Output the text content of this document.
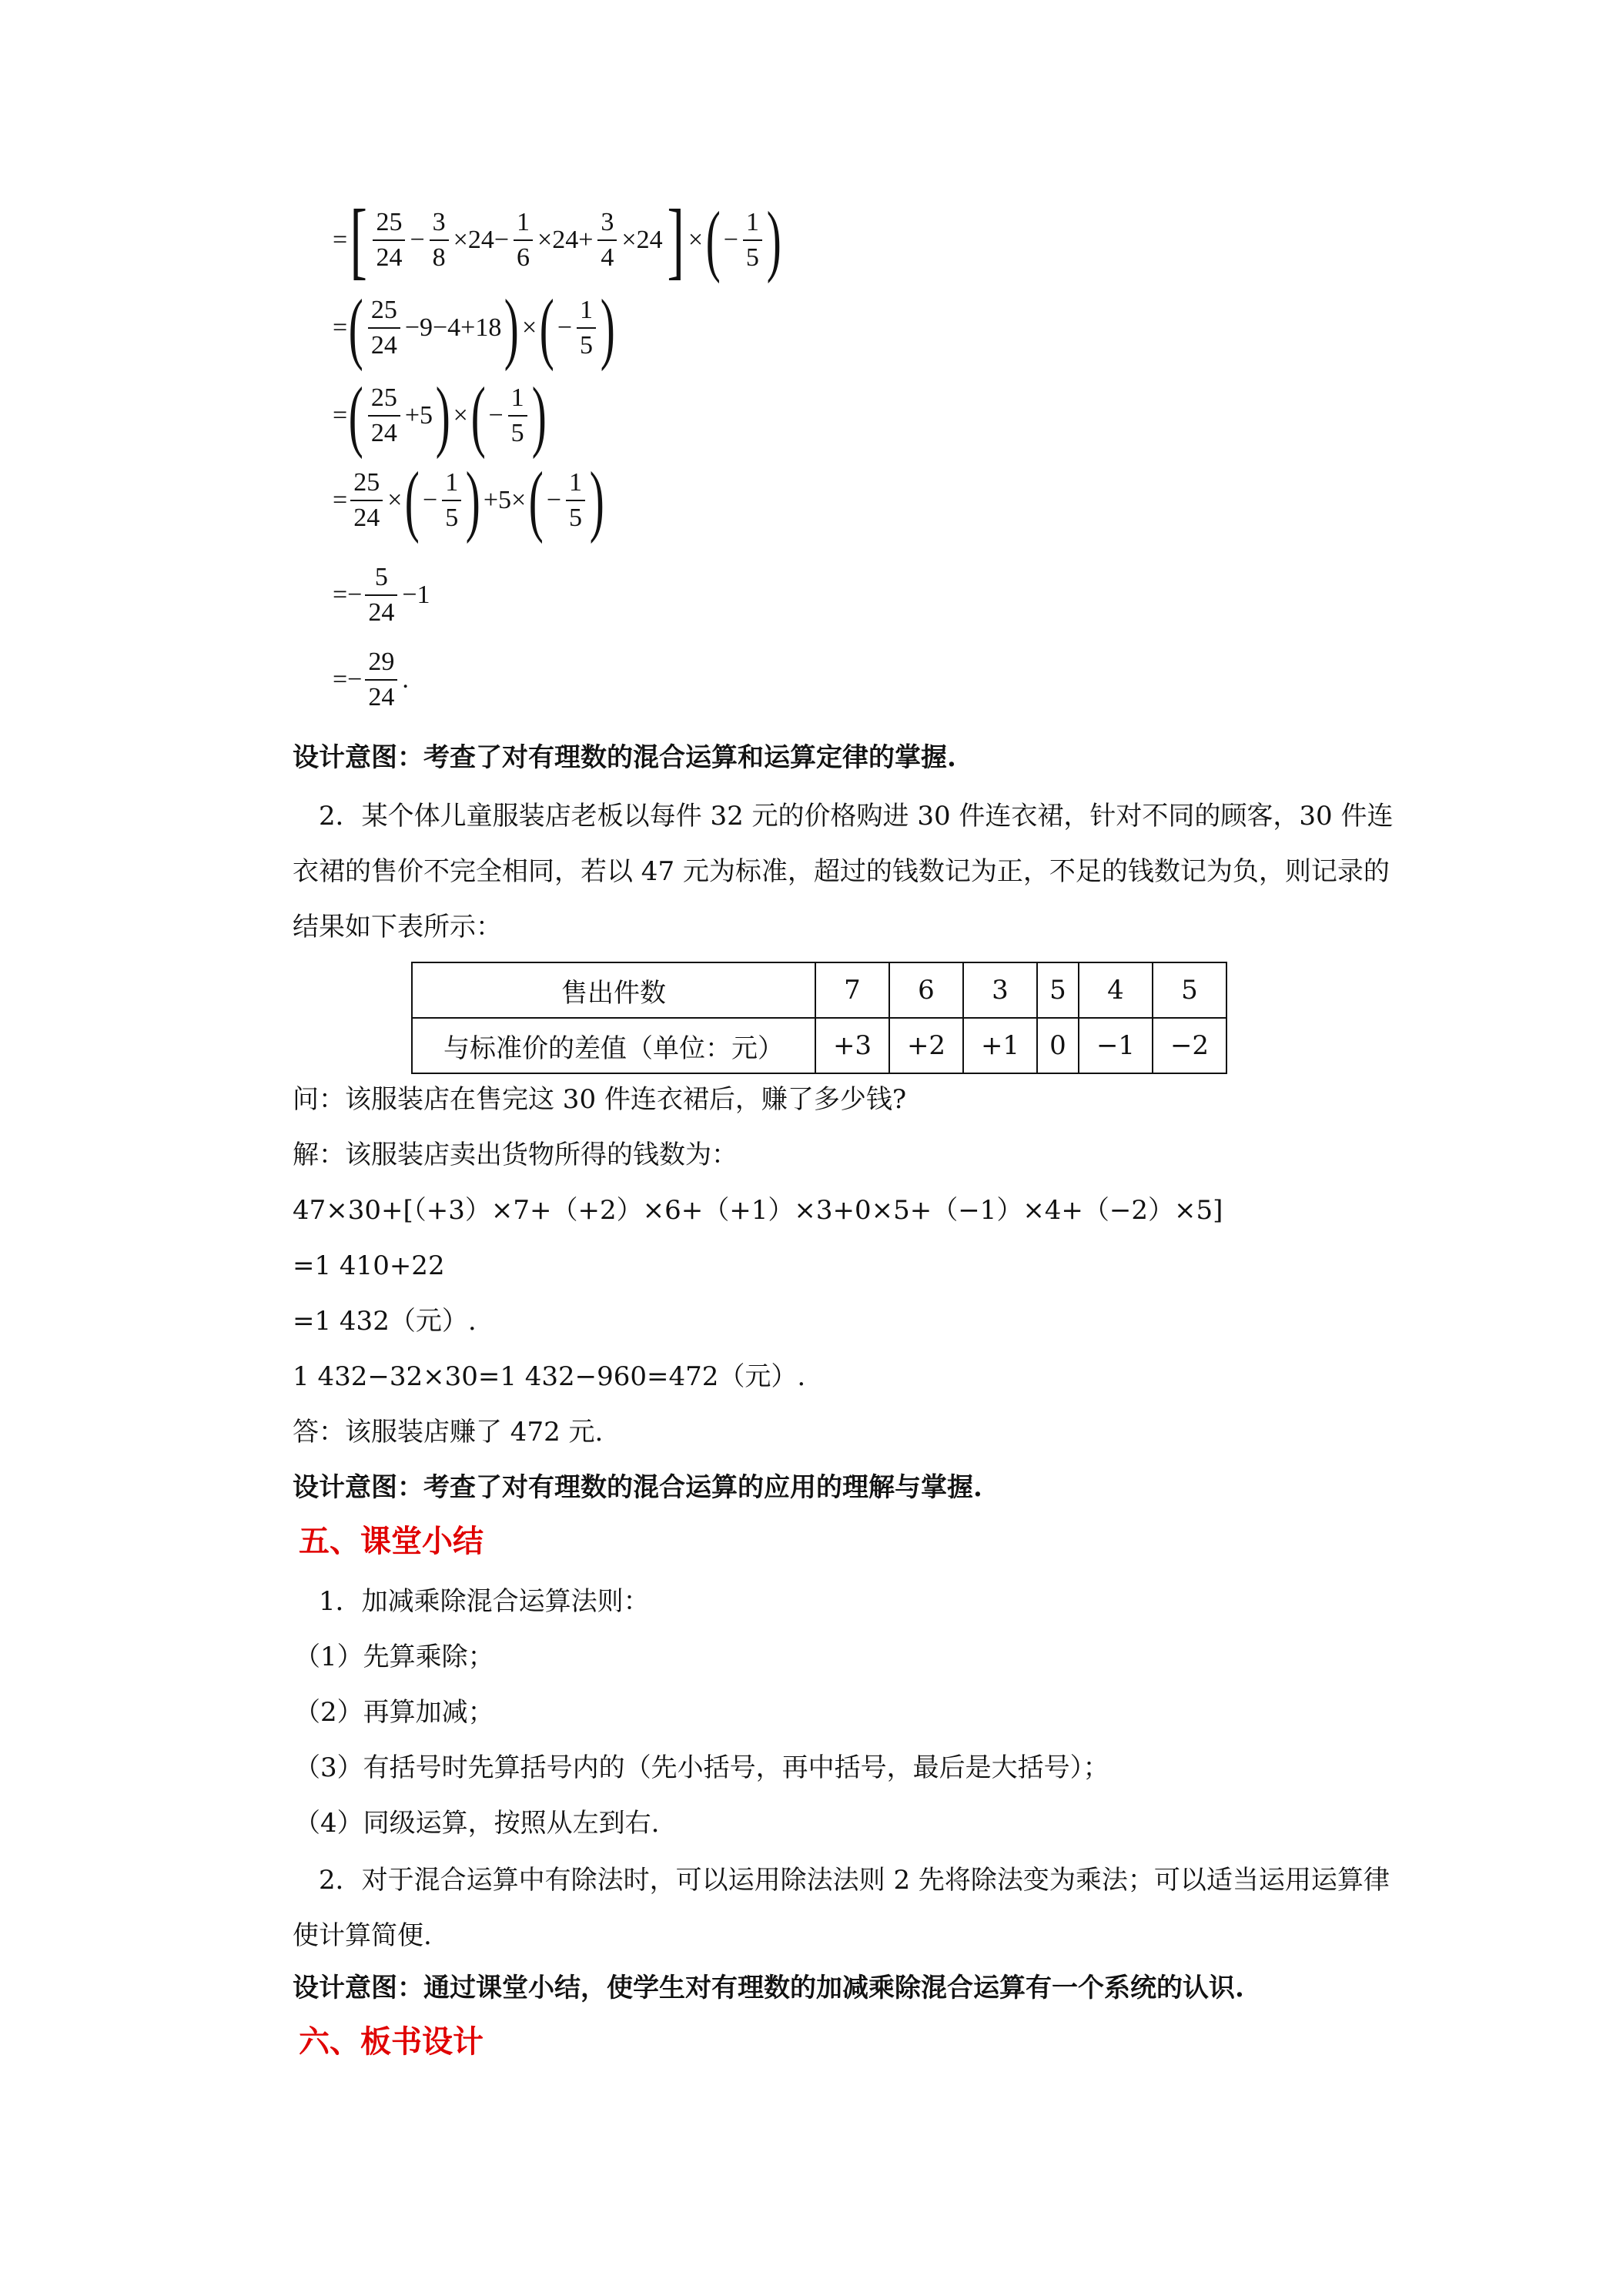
= [ $\frac{25}{24} - \frac{3}{8} \times 24- \frac{1}{6} \times 24+ \frac{3}{4} \times 24$ ] × ( − $\frac{1}{5}$ )
= ( $\frac{25}{24} -9-4+18$ ) × ( − $\frac{1}{5}$ )
= ( $\frac{25}{24} +5$ ) × ( − $\frac{1}{5}$ )
= $\frac{25}{24}$ × ( − $\frac{1}{5}$ ) +5× ( − $\frac{1}{5}$ )
=− $\frac{5}{24} -1$
=− $\frac{29}{24}$ .
设计意图：考查了对有理数的混合运算和运算定律的掌握.
2．某个体儿童服装店老板以每件 32 元的价格购进 30 件连衣裙，针对不同的顾客，30 件连衣裙的售价不完全相同，若以 47 元为标准，超过的钱数记为正，不足的钱数记为负，则记录的结果如下表所示：
售出件数	7	6	3	5	4	5
与标准价的差值（单位：元）	+3	+2	+1	0	−1	−2
问：该服装店在售完这 30 件连衣裙后，赚了多少钱?
解：该服装店卖出货物所得的钱数为：
47×30+[（+3）×7+（+2）×6+（+1）×3+0×5+（−1）×4+（−2）×5]
=1 410+22
=1 432（元）.
1 432−32×30=1 432−960=472（元）.
答：该服装店赚了 472 元.
设计意图：考查了对有理数的混合运算的应用的理解与掌握.
五、课堂小结
1．加减乘除混合运算法则：
（1）先算乘除；
（2）再算加减；
（3）有括号时先算括号内的（先小括号，再中括号，最后是大括号）；
（4）同级运算，按照从左到右.
2．对于混合运算中有除法时，可以运用除法法则 2 先将除法变为乘法；可以适当运用运算律使计算简便.
设计意图：通过课堂小结，使学生对有理数的加减乘除混合运算有一个系统的认识.
六、板书设计
